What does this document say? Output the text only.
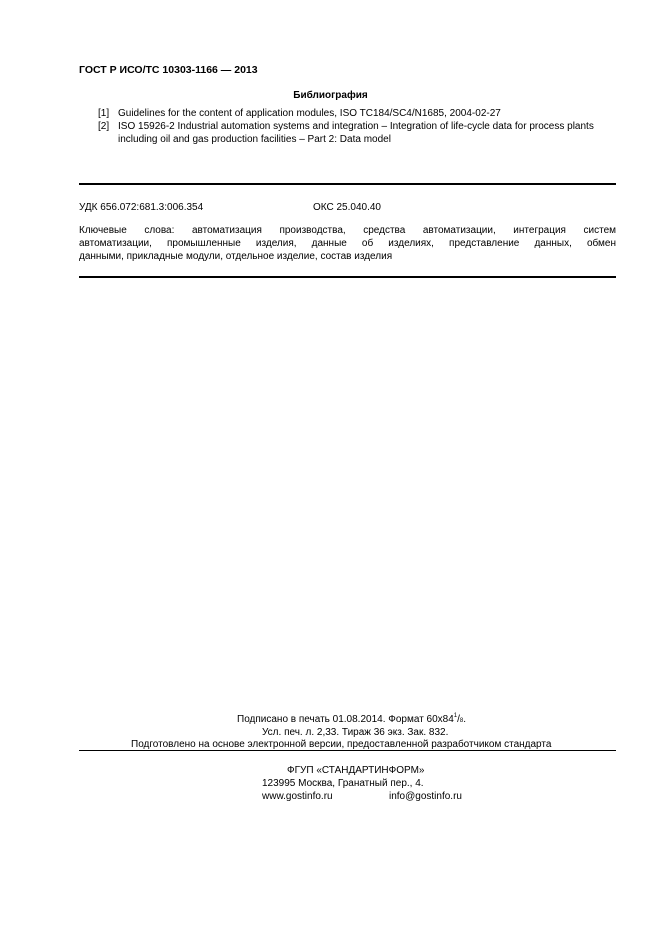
ГОСТ Р ИСО/ТС 10303-1166 — 2013
Библиография
[1] Guidelines for the content of application modules, ISO TC184/SC4/N1685, 2004-02-27
[2] ISO 15926-2 Industrial automation systems and integration – Integration of life-cycle data for process plants including oil and gas production facilities – Part 2: Data model
УДК 656.072:681.3:006.354	ОКС 25.040.40
Ключевые слова: автоматизация производства, средства автоматизации, интеграция систем
автоматизации, промышленные изделия, данные об изделиях, представление данных, обмен
данными, прикладные модули, отдельное изделие, состав изделия
Подписано в печать 01.08.2014. Формат $60x84^1/8$.
Усл. печ. л. 2,33. Тираж 36 экз. Зак. 832.
Подготовлено на основе электронной версии, предоставленной разработчиком стандарта
ФГУП «СТАНДАРТИНФОРМ»
123995 Москва, Гранатный пер., 4.
www.gostinfo.ru	info@gostinfo.ru
